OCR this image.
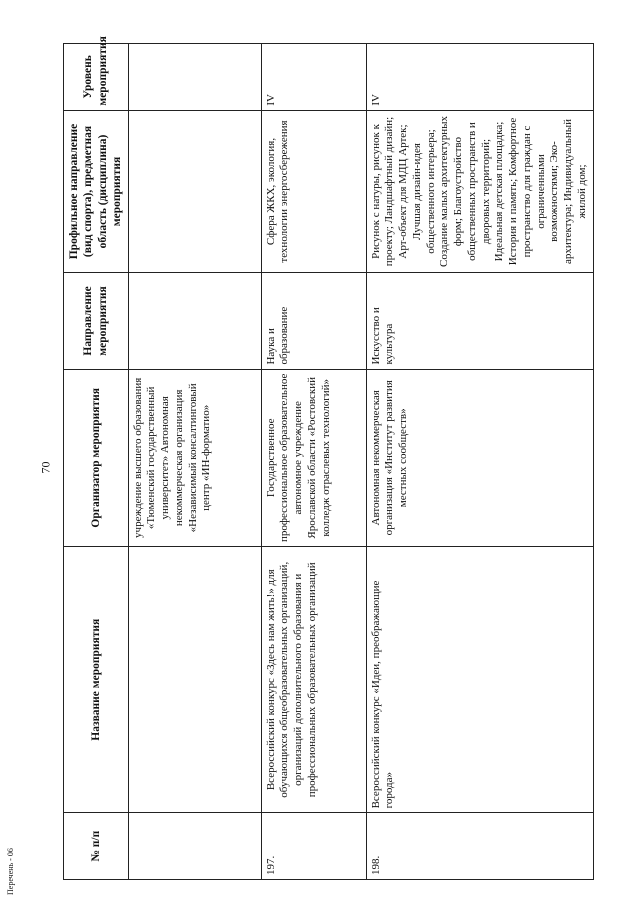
70
№ п/п	Название мероприятия	Организатор мероприятия	Направление мероприятия	Профильное направление (вид спорта), предметная область (дисциплина) мероприятия	Уровень мероприятия
		учреждение высшего образования «Тюменский государственный университет» Автономная некоммерческая организация «Независимый консалтинговый центр «ИН-форматио»			
197.	Всероссийский конкурс «Здесь нам жить!» для обучающихся общеобразовательных организаций, организаций дополнительного образования и профессиональных образовательных организаций	Государственное профессиональное образовательное автономное учреждение Ярославской области «Ростовский колледж отраслевых технологий»	Наука и образование	Сфера ЖКХ, экология, технологии энергосбережения	IV
198.	Всероссийский конкурс «Идеи, преображающие города»	Автономная некоммерческая организация «Институт развития местных сообществ»	Искусство и культура	Рисунок с натуры, рисунок к проекту; Ландшафтный дизайн; Арт-объект для МДЦ Артек; Лучшая дизайн-идея общественного интерьера; Создание малых архитектурных форм; Благоустройство общественных пространств и дворовых территорий; Идеальная детская площадка; История и память; Комфортное пространство для граждан с ограниченными возможностями; Эко-архитектура; Индивидуальный жилой дом;	IV
Перечень - 06
